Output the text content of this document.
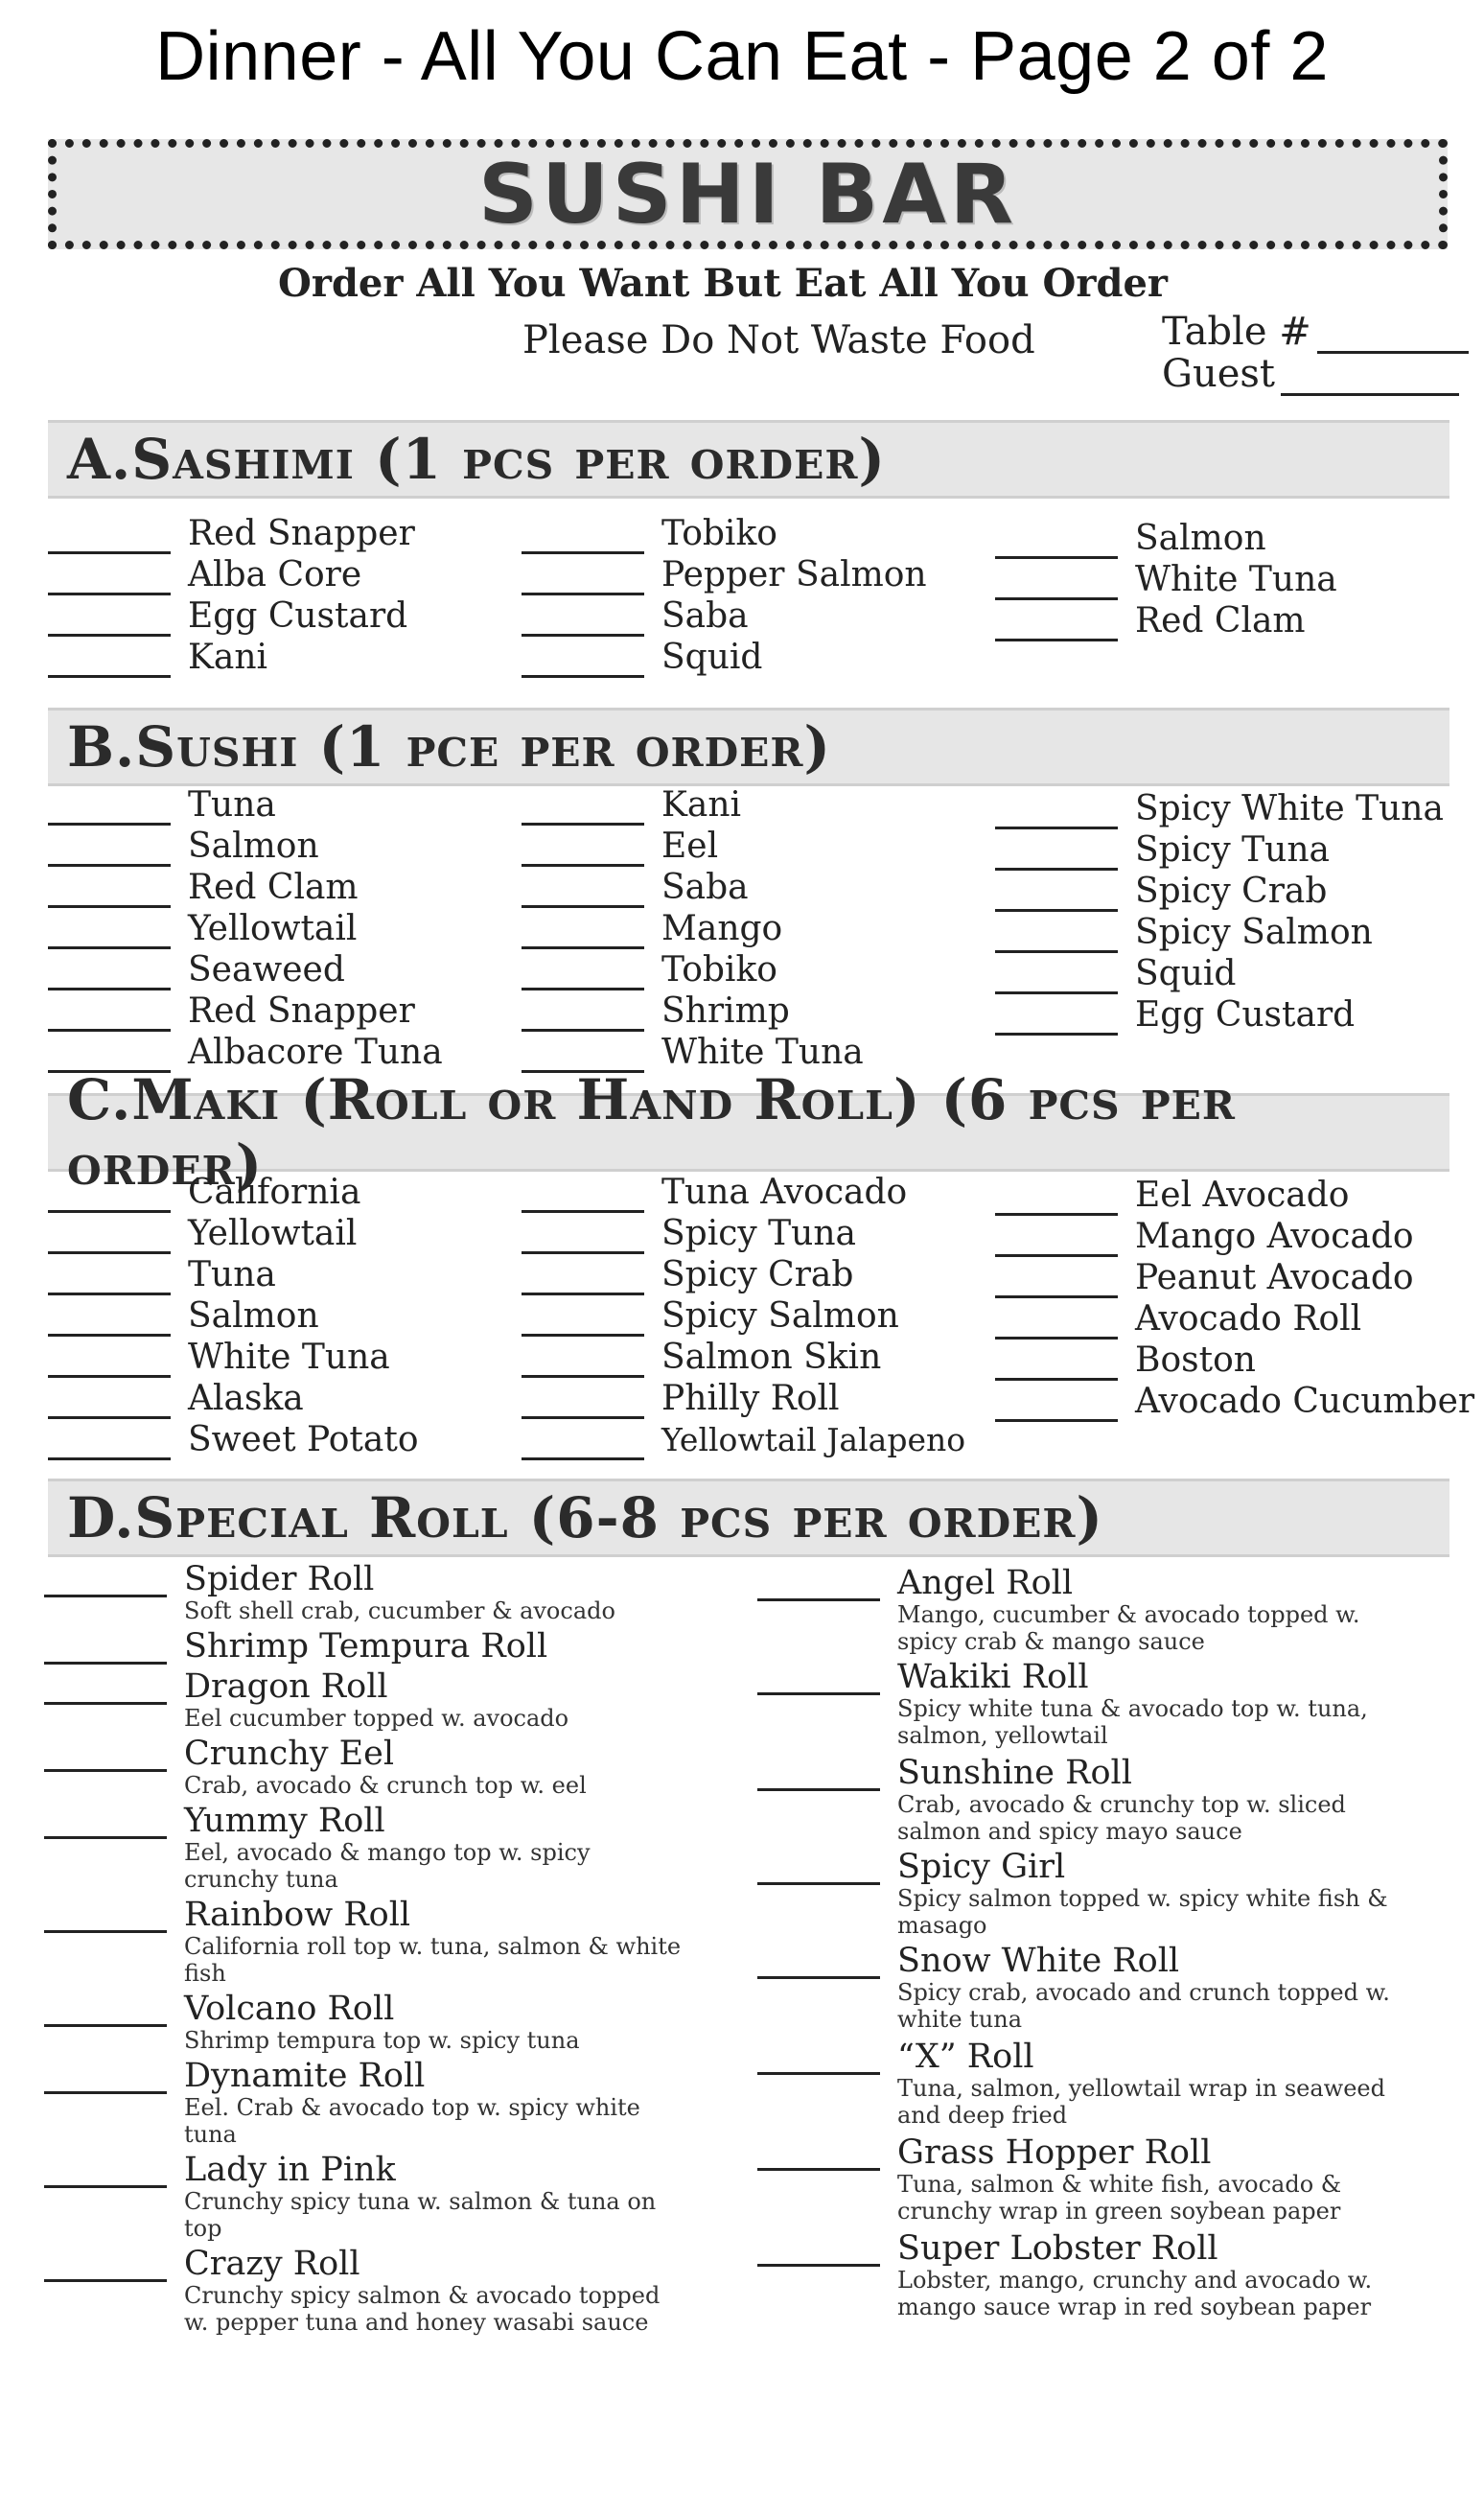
Dinner - All You Can Eat - Page 2 of 2
SUSHI BAR
Order All You Want But Eat All You Order
Please Do Not Waste Food	Table #
Guest
A.Sashimi (1 pcs per order)
Red Snapper
Alba Core
Egg Custard
Kani
Tobiko
Pepper Salmon
Saba
Squid
Salmon
White Tuna
Red Clam
B.Sushi (1 pce per order)
Tuna
Salmon
Red Clam
Yellowtail
Seaweed
Red Snapper
Albacore Tuna
Kani
Eel
Saba
Mango
Tobiko
Shrimp
White Tuna
Spicy White Tuna
Spicy Tuna
Spicy Crab
Spicy Salmon
Squid
Egg Custard
C.Maki (Roll or Hand Roll) (6 pcs per order)
California
Yellowtail
Tuna
Salmon
White Tuna
Alaska
Sweet Potato
Tuna Avocado
Spicy Tuna
Spicy Crab
Spicy Salmon
Salmon Skin
Philly Roll
Yellowtail Jalapeno
Eel Avocado
Mango Avocado
Peanut Avocado
Avocado Roll
Boston
Avocado Cucumber
D.Special Roll (6-8 pcs per order)
Spider Roll
Soft shell crab, cucumber & avocado
Shrimp Tempura Roll
Dragon Roll
Eel cucumber topped w. avocado
Crunchy Eel
Crab, avocado & crunch top w. eel
Yummy Roll
Eel, avocado & mango top w. spicy crunchy tuna
Rainbow Roll
California roll top w. tuna, salmon & white fish
Volcano Roll
Shrimp tempura top w. spicy tuna
Dynamite Roll
Eel. Crab & avocado top w. spicy white tuna
Lady in Pink
Crunchy spicy tuna w. salmon & tuna on top
Crazy Roll
Crunchy spicy salmon & avocado topped w. pepper tuna and honey wasabi sauce
Angel Roll
Mango, cucumber & avocado topped w. spicy crab & mango sauce
Wakiki Roll
Spicy white tuna & avocado top w. tuna, salmon, yellowtail
Sunshine Roll
Crab, avocado & crunchy top w. sliced salmon and spicy mayo sauce
Spicy Girl
Spicy salmon topped w. spicy white fish & masago
Snow White Roll
Spicy crab, avocado and crunch topped w. white tuna
“X” Roll
Tuna, salmon, yellowtail wrap in seaweed and deep fried
Grass Hopper Roll
Tuna, salmon & white fish, avocado & crunchy wrap in green soybean paper
Super Lobster Roll
Lobster, mango, crunchy and avocado w. mango sauce wrap in red soybean paper
